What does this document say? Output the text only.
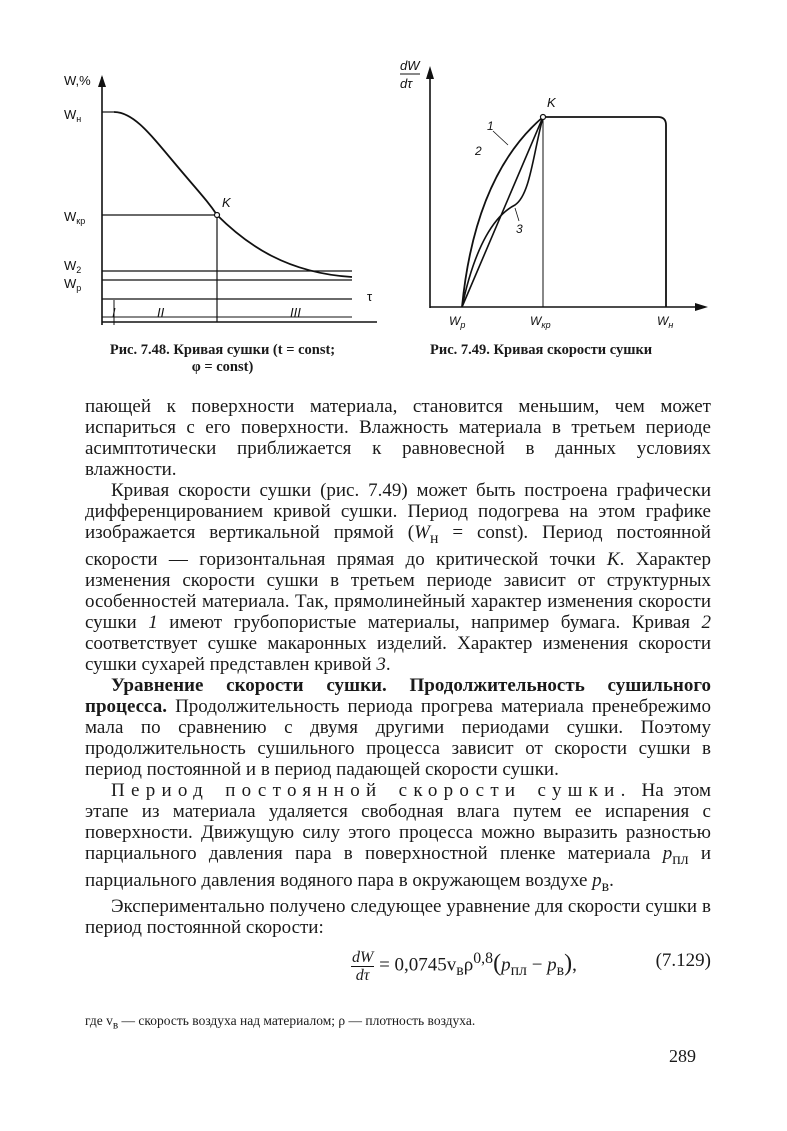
W,%
$W_н$
$W_{кр}$
$W_2$
$W_р$
τ
K
I	II	III
Рис. 7.48. Кривая сушки (t = const;
φ = const)
dW
dτ
K
1
2
3
$W_р$	$W_{кр}$	$W_н$
Рис. 7.49. Кривая скорости сушки

пающей к поверхности материала, становится меньшим, чем может испариться с его поверхности. Влажность материала в третьем периоде асимптотически приближается к равновесной в данных условиях влажности.

Кривая скорости сушки (рис. 7.49) может быть построена графически дифференцированием кривой сушки. Период подогрева на этом графике изображается вертикальной прямой ($W_н$ = const). Период постоянной скорости — горизонтальная прямая до критической точки K. Характер изменения скорости сушки в третьем периоде зависит от структурных особенностей материала. Так, прямолинейный характер изменения скорости сушки 1 имеют грубопористые материалы, например бумага. Кривая 2 соответствует сушке макаронных изделий. Характер изменения скорости сушки сухарей представлен кривой 3.

Уравнение скорости сушки. Продолжительность сушильного процесса. Продолжительность периода прогрева материала пренебрежимо мала по сравнению с двумя другими периодами сушки. Поэтому продолжительность сушильного процесса зависит от скорости сушки в период постоянной и в период падающей скорости сушки.

Период постоянной скорости сушки. На этом этапе из материала удаляется свободная влага путем ее испарения с поверхности. Движущую силу этого процесса можно выразить разностью парциального давления пара в поверхностной пленке материала $p_{пл}$ и парциального давления водяного пара в окружающем воздухе $p_в$.

Экспериментально получено следующее уравнение для скорости сушки в период постоянной скорости:

$\frac{dW}{d\tau} = 0,0745v_в\rho^{0,8}(p_{пл} - p_в)$,	(7.129)
где $v_в$ — скорость воздуха над материалом; ρ — плотность воздуха.
289
